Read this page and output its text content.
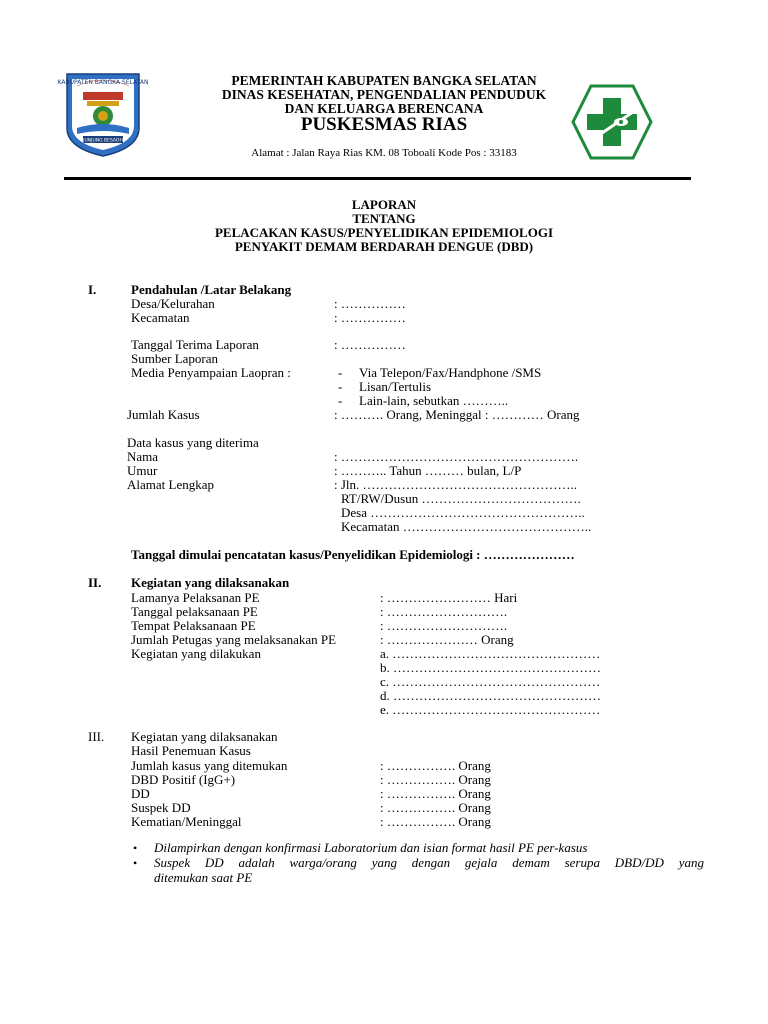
KABUPATEN BANGKA SELATAN
JUNJUNG BESAOH
PEMERINTAH KABUPATEN BANGKA SELATAN
DINAS KESEHATAN, PENGENDALIAN PENDUDUK
DAN KELUARGA BERENCANA
PUSKESMAS RIAS
Alamat : Jalan Raya Rias KM. 08 Toboali Kode Pos : 33183
LAPORAN
TENTANG
PELACAKAN KASUS/PENYELIDIKAN EPIDEMIOLOGI
PENYAKIT DEMAM BERDARAH DENGUE (DBD)
I.	Pendahulan /Latar Belakang
Desa/Kelurahan	: ……………
Kecamatan	: ……………
Tanggal Terima Laporan	: ……………
Sumber Laporan
Media Penyampaian Laopran :	- Via Telepon/Fax/Handphone /SMS
- Lisan/Tertulis
- Lain-lain, sebutkan ………..
Jumlah Kasus	: ………. Orang, Meninggal : ………… Orang
Data kasus yang diterima
Nama	: ……………………………………………….
Umur	: ……….. Tahun ……… bulan, L/P
Alamat Lengkap	: Jln. …………………………………………..
RT/RW/Dusun ……………………………….
Desa …………………………………………..
Kecamatan ……………………………………..
Tanggal dimulai pencatatan kasus/Penyelidikan Epidemiologi : …………………
II. Kegiatan yang dilaksanakan
Lamanya Pelaksanan PE	: …………………… Hari
Tanggal pelaksanaan PE	: ……………………….
Tempat Pelaksanaan PE	: ……………………….
Jumlah Petugas yang melaksanakan PE	: ………………… Orang
Kegiatan yang dilakukan	a. …………………………………………
b. …………………………………………
c. …………………………………………
d. …………………………………………
e. …………………………………………
III. Kegiatan yang dilaksanakan
Hasil Penemuan Kasus
Jumlah kasus yang ditemukan	: ……………. Orang
DBD Positif (IgG+)	: ……………. Orang
DD	: ……………. Orang
Suspek DD	: ……………. Orang
Kematian/Meninggal	: ……………. Orang
• Dilampirkan dengan konfirmasi Laboratorium dan isian format hasil PE per-kasus
• Suspek DD adalah warga/orang yang dengan gejala demam serupa DBD/DD yang
ditemukan saat PE
